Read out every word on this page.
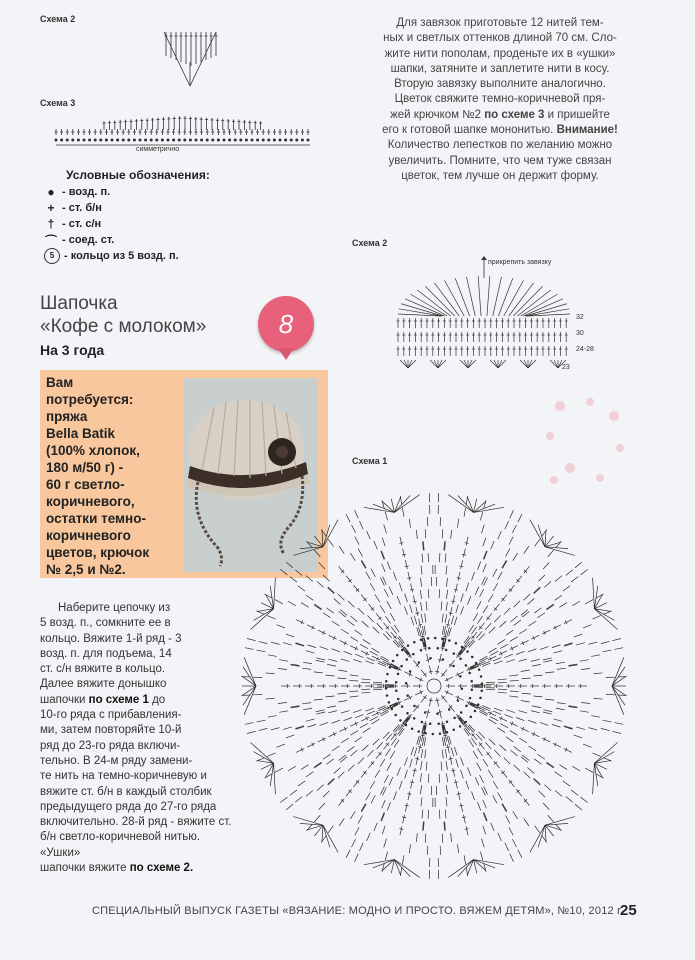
Схема 2
Схема 3
симметрично
Условные обозначения:
● - возд. п.
+ - ст. б/н
† - ст. с/н
⌒ - соед. ст.
5 - кольцо из 5 возд. п.
Шапочка
«Кофе с молоком»
На 3 года
8
Вам
потребуется:
пряжа
Bella Batik
(100% хлопок,
180 м/50 г) -
60 г светло-
коричневого,
остатки темно-
коричневого
цветов, крючок
№ 2,5 и №2.
Наберите цепочку из
5 возд. п., сомкните ее в
кольцо. Вяжите 1-й ряд - 3
возд. п. для подъема, 14
ст. с/н вяжите в кольцо.
Далее вяжите донышко
шапочки по схеме 1 до
10-го ряда с прибавления-
ми, затем повторяйте 10-й
ряд до 23-го ряда включи-
тельно. В 24-м ряду замени-
те нить на темно-коричневую и
вяжите ст. б/н в каждый столбик
предыдущего ряда до 27-го ряда
включительно. 28-й ряд - вяжите ст.
б/н светло-коричневой нитью. «Ушки»
шапочки вяжите по схеме 2.
Для завязок приготовьте 12 нитей тем-
ных и светлых оттенков длиной 70 см. Сло-
жите нити пополам, проденьте их в «ушки»
шапки, затяните и заплетите нити в косу.
Вторую завязку выполните аналогично.
Цветок свяжите темно-коричневой пря-
жей крючком №2 по схеме 3 и пришейте
его к готовой шапке мононитью. Внимание!
Количество лепестков по желанию можно
увеличить. Помните, что чем туже связан
цветок, тем лучше он держит форму.
Схема 2
прикрепить завязку
32
30
24-28
23
Схема 1
СПЕЦИАЛЬНЫЙ ВЫПУСК ГАЗЕТЫ «ВЯЗАНИЕ: МОДНО И ПРОСТО. ВЯЖЕМ ДЕТЯМ», №10, 2012 г.
25
